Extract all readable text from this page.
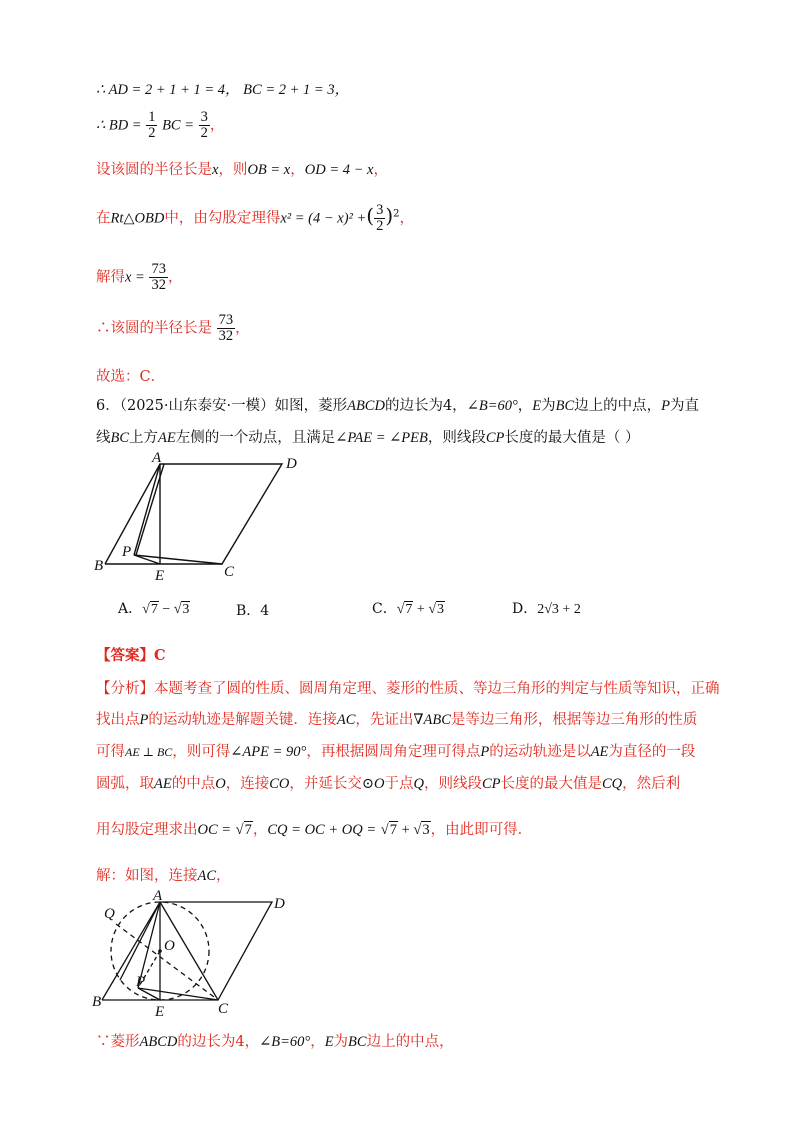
∴ AD = 2 + 1 + 1 = 4， BC = 2 + 1 = 3，
∴ BD = $\frac{1}{2}$ BC = $\frac{3}{2}$ ，
设该圆的半径长是x，则OB = x，OD = 4 − x，
在Rt△OBD中，由勾股定理得x² = (4 − x)² +( $\frac{3}{2} )^2$，
解得$x = \frac{73}{32}$ ，
∴该圆的半径长是 $\frac{73}{32}$ ，
故选：C．
6．（2025·山东泰安·一模）如图，菱形ABCD的边长为4，∠B=60°，E为BC边上的中点，P为直
线BC上方AE左侧的一个动点，且满足∠PAE = ∠PEB，则线段CP长度的最大值是（ ）
A	D
B	C
E
P
A．√7 − √3	B．4	C．√7 + √3	D．2√3 + 2
【答案】C
【分析】本题考查了圆的性质、圆周角定理、菱形的性质、等边三角形的判定与性质等知识，正确
找出点P的运动轨迹是解题关键．连接AC，先证出∇ABC是等边三角形，根据等边三角形的性质
可得AE ⊥ BC，则可得∠APE = 90°，再根据圆周角定理可得点P的运动轨迹是以AE为直径的一段
圆弧，取AE的中点O，连接CO，并延长交⊙O于点Q，则线段CP长度的最大值是CQ，然后利
用勾股定理求出OC = √7，CQ = OC + OQ = √7 + √3，由此即可得．
解：如图，连接AC，
A	D
B	C
E
P
O
Q
∵菱形ABCD的边长为4，∠B=60°，E为BC边上的中点，
